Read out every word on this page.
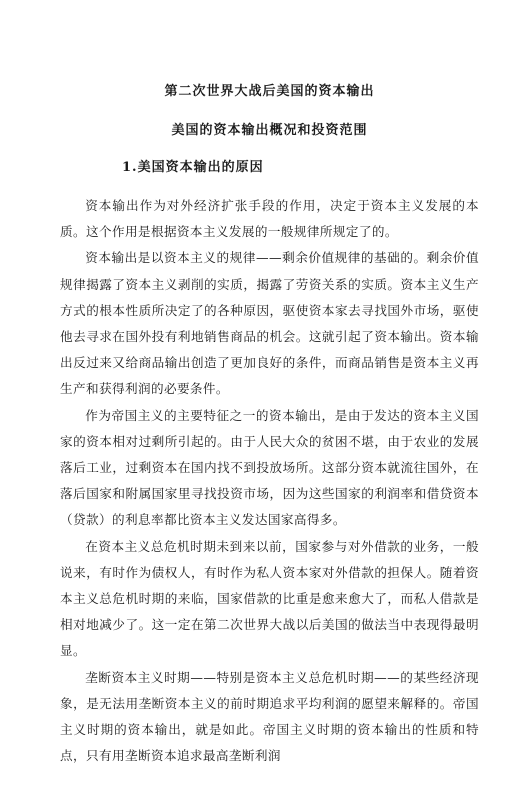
第二次世界大战后美国的资本输出
美国的资本输出概况和投资范围
1.美国资本输出的原因

资本输出作为对外经济扩张手段的作用，决定于资本主义发展的本质。这个作用是根据资本主义发展的一般规律所规定了的。

资本输出是以资本主义的规律——剩余价值规律的基础的。剩余价值规律揭露了资本主义剥削的实质，揭露了劳资关系的实质。资本主义生产方式的根本性质所决定了的各种原因，驱使资本家去寻找国外市场，驱使他去寻求在国外投有利地销售商品的机会。这就引起了资本输出。资本输出反过来又给商品输出创造了更加良好的条件，而商品销售是资本主义再生产和获得利润的必要条件。

作为帝国主义的主要特征之一的资本输出，是由于发达的资本主义国家的资本相对过剩所引起的。由于人民大众的贫困不堪，由于农业的发展落后工业，过剩资本在国内找不到投放场所。这部分资本就流往国外，在落后国家和附属国家里寻找投资市场，因为这些国家的利润率和借贷资本（贷款）的利息率都比资本主义发达国家高得多。

在资本主义总危机时期未到来以前，国家参与对外借款的业务，一般说来，有时作为债权人，有时作为私人资本家对外借款的担保人。随着资本主义总危机时期的来临，国家借款的比重是愈来愈大了，而私人借款是相对地减少了。这一定在第二次世界大战以后美国的做法当中表现得最明显。

垄断资本主义时期——特别是资本主义总危机时期——的某些经济现象，是无法用垄断资本主义的前时期追求平均利润的愿望来解释的。帝国主义时期的资本输出，就是如此。帝国主义时期的资本输出的性质和特点，只有用垄断资本追求最高垄断利润
